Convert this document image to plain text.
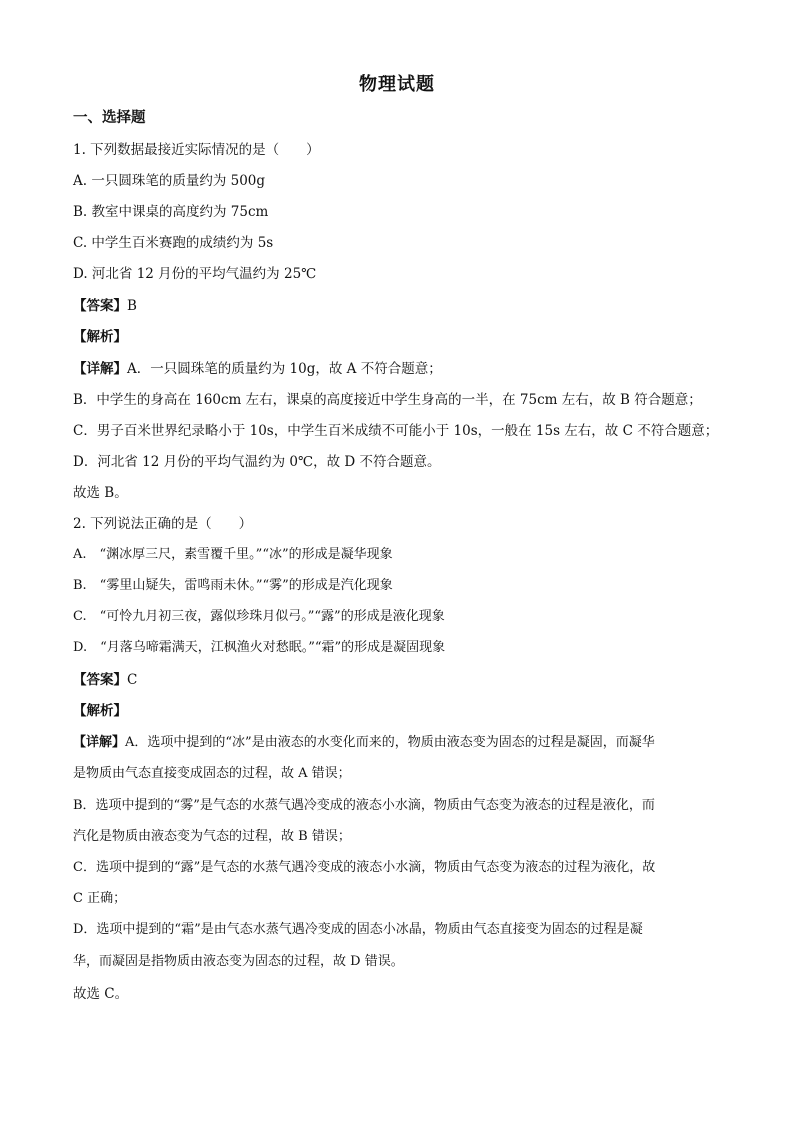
物理试题
一、选择题
1. 下列数据最接近实际情况的是（　　）
A. 一只圆珠笔的质量约为 500g
B. 教室中课桌的高度约为 75cm
C. 中学生百米赛跑的成绩约为 5s
D. 河北省 12 月份的平均气温约为 25℃
【答案】B
【解析】
【详解】A．一只圆珠笔的质量约为 10g，故 A 不符合题意；
B．中学生的身高在 160cm 左右，课桌的高度接近中学生身高的一半，在 75cm 左右，故 B 符合题意；
C．男子百米世界纪录略小于 10s，中学生百米成绩不可能小于 10s，一般在 15s 左右，故 C 不符合题意；
D．河北省 12 月份的平均气温约为 0℃，故 D 不符合题意。
故选 B。
2. 下列说法正确的是（　　）
A.　“渊冰厚三尺，素雪覆千里。”“冰”的形成是凝华现象
B.　“雾里山疑失，雷鸣雨未休。”“雾”的形成是汽化现象
C.　“可怜九月初三夜，露似珍珠月似弓。”“露”的形成是液化现象
D.　“月落乌啼霜满天，江枫渔火对愁眠。”“霜”的形成是凝固现象
【答案】C
【解析】
【详解】A．选项中提到的“冰”是由液态的水变化而来的，物质由液态变为固态的过程是凝固，而凝华
是物质由气态直接变成固态的过程，故 A 错误；
B．选项中提到的“雾”是气态的水蒸气遇冷变成的液态小水滴，物质由气态变为液态的过程是液化，而
汽化是物质由液态变为气态的过程，故 B 错误；
C．选项中提到的“露”是气态的水蒸气遇冷变成的液态小水滴，物质由气态变为液态的过程为液化，故
C 正确；
D．选项中提到的“霜”是由气态水蒸气遇冷变成的固态小冰晶，物质由气态直接变为固态的过程是凝
华，而凝固是指物质由液态变为固态的过程，故 D 错误。
故选 C。
